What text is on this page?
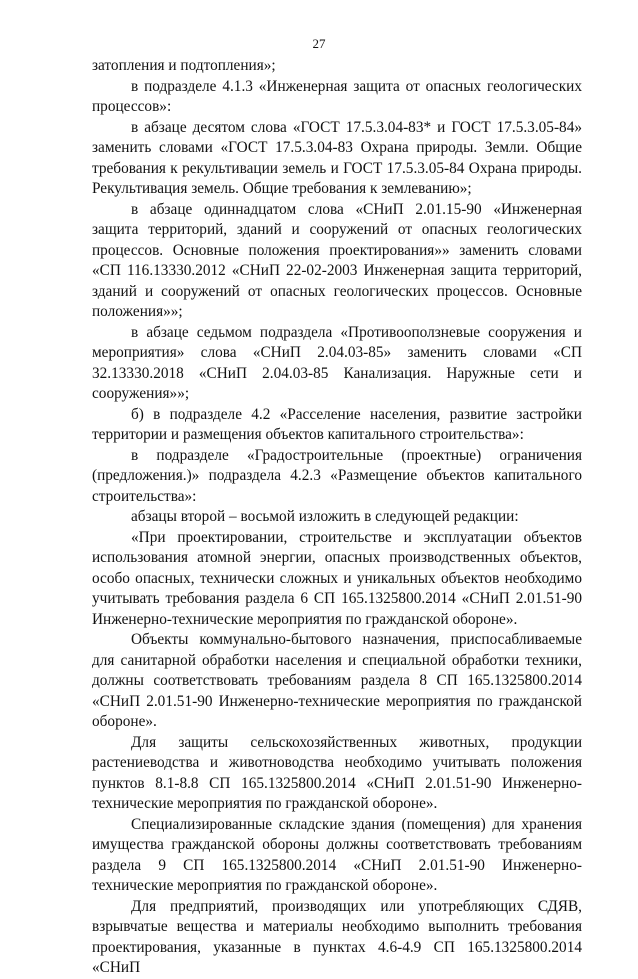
27

затопления и подтопления»;

в подразделе 4.1.3 «Инженерная защита от опасных геологических процессов»:

в абзаце десятом слова «ГОСТ 17.5.3.04-83* и ГОСТ 17.5.3.05-84» заменить словами «ГОСТ 17.5.3.04-83 Охрана природы. Земли. Общие требования к рекультивации земель и ГОСТ 17.5.3.05-84 Охрана природы. Рекультивация земель. Общие требования к землеванию»;

в абзаце одиннадцатом слова «СНиП 2.01.15-90 «Инженерная защита территорий, зданий и сооружений от опасных геологических процессов. Основные положения проектирования»» заменить словами «СП 116.13330.2012 «СНиП 22-02-2003 Инженерная защита территорий, зданий и сооружений от опасных геологических процессов. Основные положения»»;

в абзаце седьмом подраздела «Противооползневые сооружения и мероприятия» слова «СНиП 2.04.03-85» заменить словами «СП 32.13330.2018 «СНиП 2.04.03-85 Канализация. Наружные сети и сооружения»»;

б) в подразделе 4.2 «Расселение населения, развитие застройки территории и размещения объектов капитального строительства»:

в подразделе «Градостроительные (проектные) ограничения (предложения.)» подраздела 4.2.3 «Размещение объектов капитального строительства»:

абзацы второй – восьмой изложить в следующей редакции:

«При проектировании, строительстве и эксплуатации объектов использования атомной энергии, опасных производственных объектов, особо опасных, технически сложных и уникальных объектов необходимо учитывать требования раздела 6 СП 165.1325800.2014 «СНиП 2.01.51-90 Инженерно-технические мероприятия по гражданской обороне».

Объекты коммунально-бытового назначения, приспосабливаемые для санитарной обработки населения и специальной обработки техники, должны соответствовать требованиям раздела 8 СП 165.1325800.2014 «СНиП 2.01.51-90 Инженерно-технические мероприятия по гражданской обороне».

Для защиты сельскохозяйственных животных, продукции растениеводства и животноводства необходимо учитывать положения пунктов 8.1-8.8 СП 165.1325800.2014 «СНиП 2.01.51-90 Инженерно-технические мероприятия по гражданской обороне».

Специализированные складские здания (помещения) для хранения имущества гражданской обороны должны соответствовать требованиям раздела 9 СП 165.1325800.2014 «СНиП 2.01.51-90 Инженерно-технические мероприятия по гражданской обороне».

Для предприятий, производящих или употребляющих СДЯВ, взрывчатые вещества и материалы необходимо выполнить требования проектирования, указанные в пунктах 4.6-4.9 СП 165.1325800.2014 «СНиП
